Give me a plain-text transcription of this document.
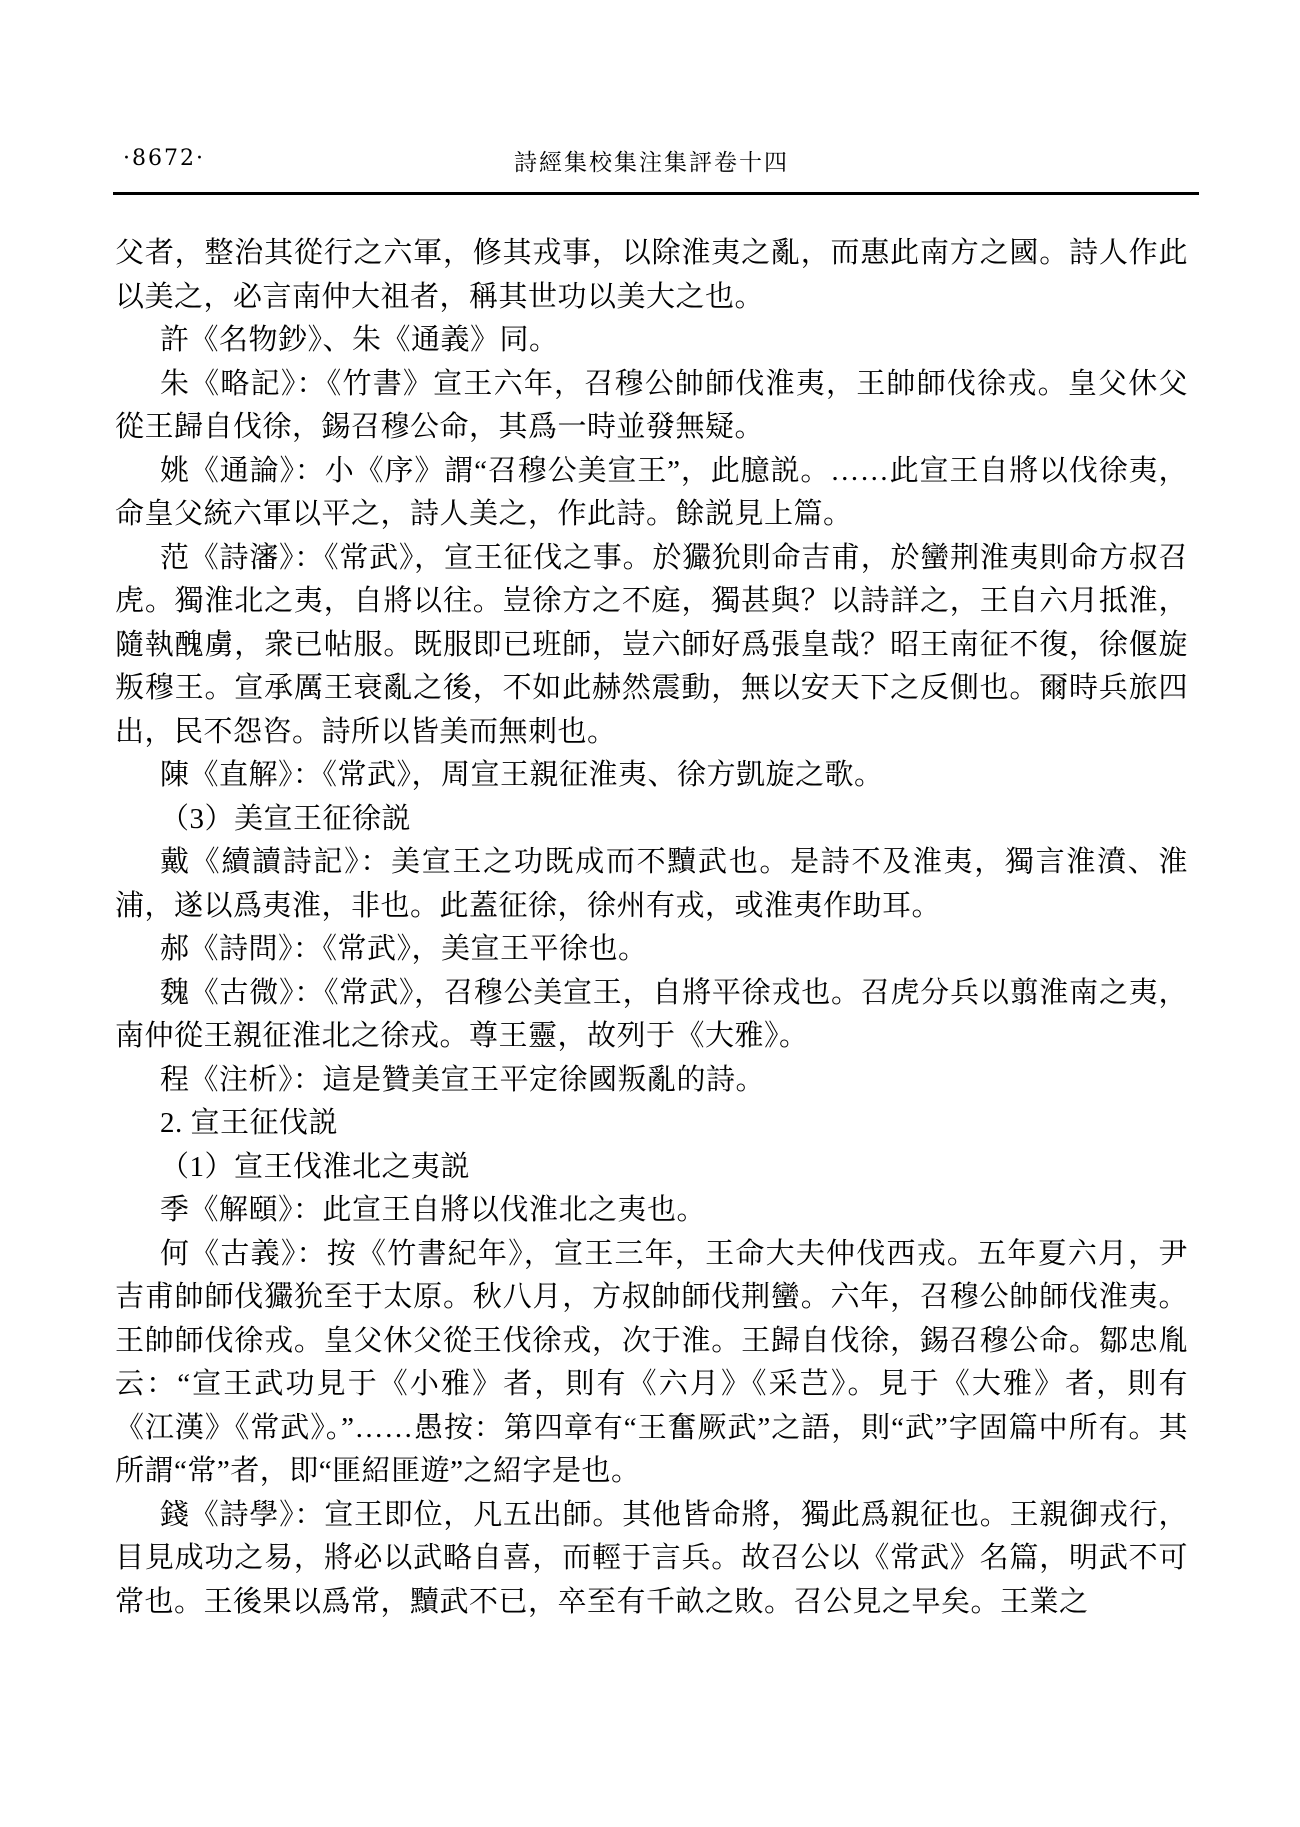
·8672·	詩經集校集注集評卷十四

父者，整治其從行之六軍，修其戎事，以除淮夷之亂，而惠此南方之國。詩人作此以美之，必言南仲大祖者，稱其世功以美大之也。

許《名物鈔》、朱《通義》同。

朱《略記》：《竹書》宣王六年，召穆公帥師伐淮夷，王帥師伐徐戎。皇父休父從王歸自伐徐，錫召穆公命，其爲一時並發無疑。

姚《通論》：小《序》謂“召穆公美宣王”，此臆説。……此宣王自將以伐徐夷，命皇父統六軍以平之，詩人美之，作此詩。餘説見上篇。

范《詩瀋》：《常武》，宣王征伐之事。於玁狁則命吉甫，於蠻荆淮夷則命方叔召虎。獨淮北之夷，自將以往。豈徐方之不庭，獨甚與？以詩詳之，王自六月抵淮，隨執醜虜，衆已帖服。既服即已班師，豈六師好爲張皇哉？昭王南征不復，徐偃旋叛穆王。宣承厲王衰亂之後，不如此赫然震動，無以安天下之反側也。爾時兵旅四出，民不怨咨。詩所以皆美而無刺也。

陳《直解》：《常武》，周宣王親征淮夷、徐方凱旋之歌。

（3）美宣王征徐説

戴《續讀詩記》：美宣王之功既成而不黷武也。是詩不及淮夷，獨言淮濆、淮浦，遂以爲夷淮，非也。此蓋征徐，徐州有戎，或淮夷作助耳。

郝《詩問》：《常武》，美宣王平徐也。

魏《古微》：《常武》，召穆公美宣王，自將平徐戎也。召虎分兵以翦淮南之夷，南仲從王親征淮北之徐戎。尊王靈，故列于《大雅》。

程《注析》：這是贊美宣王平定徐國叛亂的詩。

2. 宣王征伐説

（1）宣王伐淮北之夷説

季《解頤》：此宣王自將以伐淮北之夷也。

何《古義》：按《竹書紀年》，宣王三年，王命大夫仲伐西戎。五年夏六月，尹吉甫帥師伐玁狁至于太原。秋八月，方叔帥師伐荆蠻。六年，召穆公帥師伐淮夷。王帥師伐徐戎。皇父休父從王伐徐戎，次于淮。王歸自伐徐，錫召穆公命。鄒忠胤云：“宣王武功見于《小雅》者，則有《六月》《采芑》。見于《大雅》者，則有《江漢》《常武》。”……愚按：第四章有“王奮厥武”之語，則“武”字固篇中所有。其所謂“常”者，即“匪紹匪遊”之紹字是也。

錢《詩學》：宣王即位，凡五出師。其他皆命將，獨此爲親征也。王親御戎行，目見成功之易，將必以武略自喜，而輕于言兵。故召公以《常武》名篇，明武不可常也。王後果以爲常，黷武不已，卒至有千畝之敗。召公見之早矣。王業之
